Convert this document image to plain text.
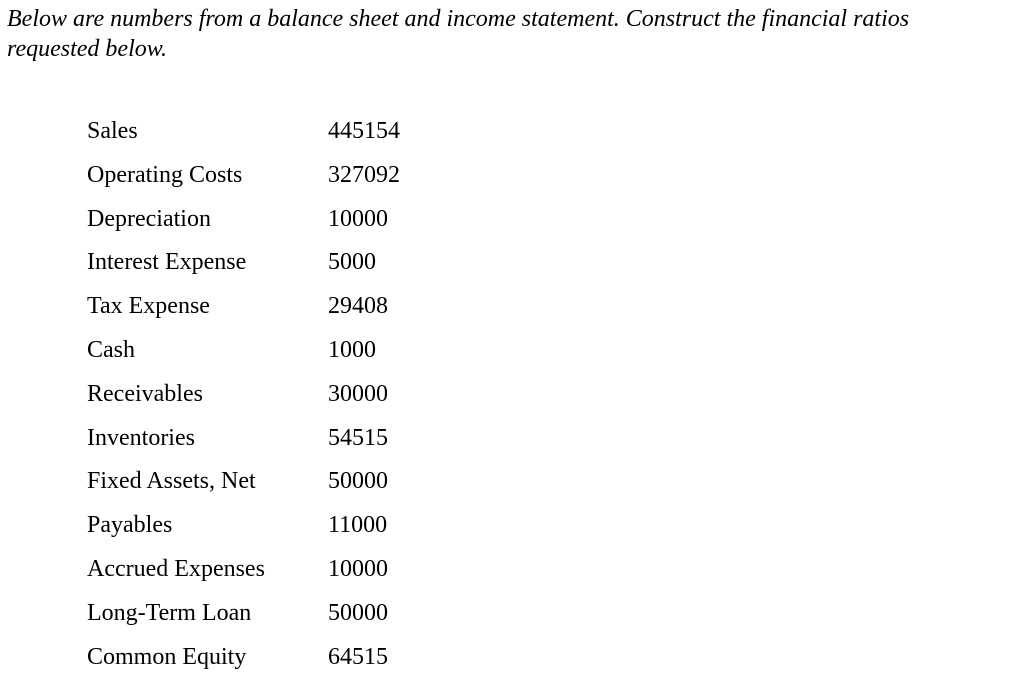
Below are numbers from a balance sheet and income statement. Construct the financial ratios
requested below.

Sales	445154
Operating Costs	327092
Depreciation	10000
Interest Expense	5000
Tax Expense	29408
Cash	1000
Receivables	30000
Inventories	54515
Fixed Assets, Net	50000
Payables	11000
Accrued Expenses	10000
Long-Term Loan	50000
Common Equity	64515
